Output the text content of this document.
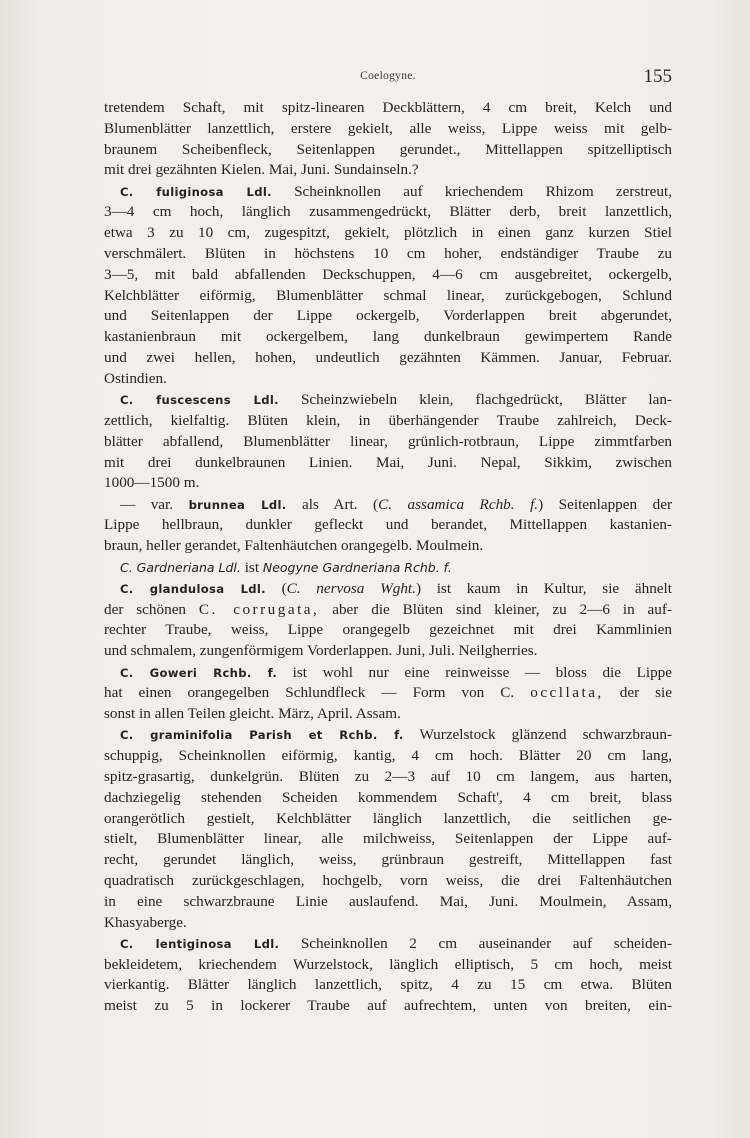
Coelogyne.	155

tretendem Schaft, mit spitz-linearen Deckblättern, 4 cm breit, Kelch und
Blumenblätter lanzettlich, erstere gekielt, alle weiss, Lippe weiss mit gelb-
braunem Scheibenfleck, Seitenlappen gerundet., Mittellappen spitzelliptisch
mit drei gezähnten Kielen. Mai, Juni. Sundainseln.?

C. fuliginosa Ldl. Scheinknollen auf kriechendem Rhizom zerstreut,
3—4 cm hoch, länglich zusammengedrückt, Blätter derb, breit lanzettlich,
etwa 3 zu 10 cm, zugespitzt, gekielt, plötzlich in einen ganz kurzen Stiel
verschmälert. Blüten in höchstens 10 cm hoher, endständiger Traube zu
3—5, mit bald abfallenden Deckschuppen, 4—6 cm ausgebreitet, ockergelb,
Kelchblätter eiförmig, Blumenblätter schmal linear, zurückgebogen, Schlund
und Seitenlappen der Lippe ockergelb, Vorderlappen breit abgerundet,
kastanienbraun mit ockergelbem, lang dunkelbraun gewimpertem Rande
und zwei hellen, hohen, undeutlich gezähnten Kämmen. Januar, Februar.
Ostindien.

C. fuscescens Ldl. Scheinzwiebeln klein, flachgedrückt, Blätter lan-
zettlich, kielfaltig. Blüten klein, in überhängender Traube zahlreich, Deck-
blätter abfallend, Blumenblätter linear, grünlich-rotbraun, Lippe zimmtfarben
mit drei dunkelbraunen Linien. Mai, Juni. Nepal, Sikkim, zwischen
1000—1500 m.

— var. brunnea Ldl. als Art. (C. assamica Rchb. f.) Seitenlappen der
Lippe hellbraun, dunkler gefleckt und berandet, Mittellappen kastanien-
braun, heller gerandet, Faltenhäutchen orangegelb. Moulmein.

C. Gardneriana Ldl. ist Neogyne Gardneriana Rchb. f.

C. glandulosa Ldl. (C. nervosa Wght.) ist kaum in Kultur, sie ähnelt
der schönen C. corrugata, aber die Blüten sind kleiner, zu 2—6 in auf-
rechter Traube, weiss, Lippe orangegelb gezeichnet mit drei Kammlinien
und schmalem, zungenförmigem Vorderlappen. Juni, Juli. Neilgherries.

C. Goweri Rchb. f. ist wohl nur eine reinweisse — bloss die Lippe
hat einen orangegelben Schlundfleck — Form von C. occllata, der sie
sonst in allen Teilen gleicht. März, April. Assam.

C. graminifolia Parish et Rchb. f. Wurzelstock glänzend schwarzbraun-
schuppig, Scheinknollen eiförmig, kantig, 4 cm hoch. Blätter 20 cm lang,
spitz-grasartig, dunkelgrün. Blüten zu 2—3 auf 10 cm langem, aus harten,
dachziegelig stehenden Scheiden kommendem Schaft', 4 cm breit, blass
orangerötlich gestielt, Kelchblätter länglich lanzettlich, die seitlichen ge-
stielt, Blumenblätter linear, alle milchweiss, Seitenlappen der Lippe auf-
recht, gerundet länglich, weiss, grünbraun gestreift, Mittellappen fast
quadratisch zurückgeschlagen, hochgelb, vorn weiss, die drei Faltenhäutchen
in eine schwarzbraune Linie auslaufend. Mai, Juni. Moulmein, Assam,
Khasyaberge.

C. lentiginosa Ldl. Scheinknollen 2 cm auseinander auf scheiden-
bekleidetem, kriechendem Wurzelstock, länglich elliptisch, 5 cm hoch, meist
vierkantig. Blätter länglich lanzettlich, spitz, 4 zu 15 cm etwa. Blüten
meist zu 5 in lockerer Traube auf aufrechtem, unten von breiten, ein-
